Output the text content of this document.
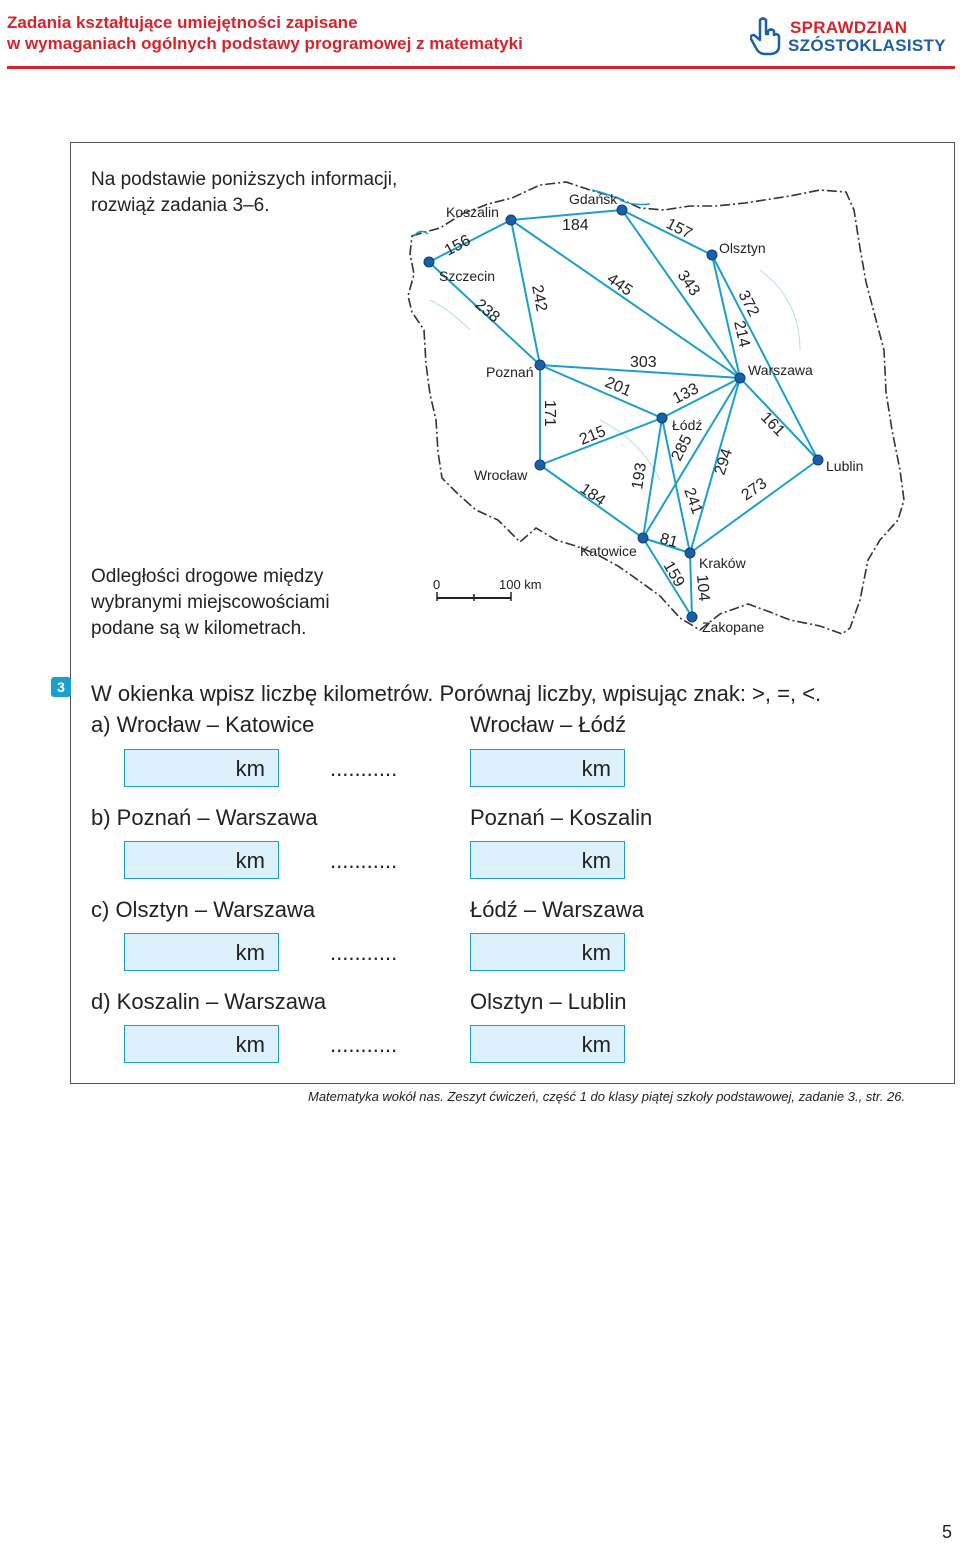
Zadania kształtujące umiejętności zapisane
w wymaganiach ogólnych podstawy programowej z matematyki
SPRAWDZIAN
SZÓSTOKLASISTY
Na podstawie poniższych informacji,
rozwiąż zadania 3–6.
Odległości drogowe między
wybranymi miejscowościami
podane są w kilometrach.
Koszalin
Gdańsk
Olsztyn
Szczecin
Poznań	Warszawa
Łódź
Lublin
Wrocław
Katowice
Kraków
Zakopane
156
184	157
238 242	445 343
372
214
303
201 133
171	161
215
193
285 294
184	241 273
81
159 104
0	100 km
3 W okienka wpisz liczbę kilometrów. Porównaj liczby, wpisując znak: >, =, <.
a) Wrocław – Katowice	Wrocław – Łódź
km	...........	km
b) Poznań – Warszawa	Poznań – Koszalin
km	...........	km
c) Olsztyn – Warszawa	Łódź – Warszawa
km	...........	km
d) Koszalin – Warszawa	Olsztyn – Lublin
km	...........	km
Matematyka wokół nas. Zeszyt ćwiczeń, część 1 do klasy piątej szkoły podstawowej, zadanie 3., str. 26.
5
